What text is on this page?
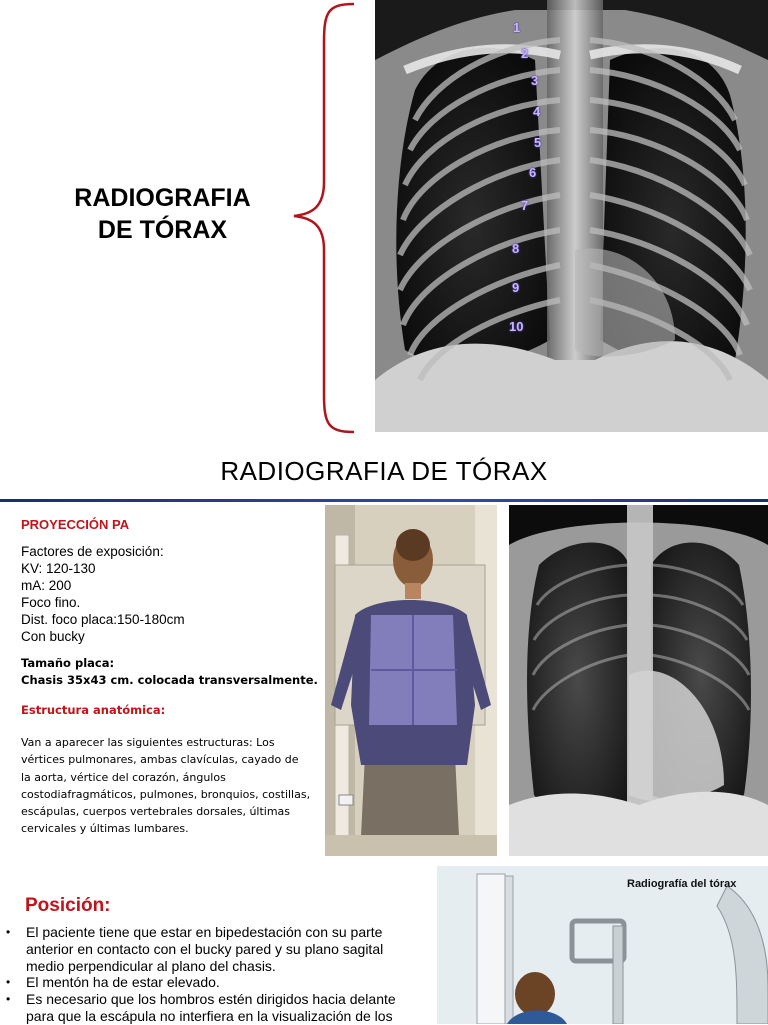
RADIOGRAFIA
DE TÓRAX
1
2
3
4
5
6
7
8
9
10
RADIOGRAFIA DE TÓRAX
PROYECCIÓN PA
Factores de exposición:
KV: 120-130
mA: 200
Foco fino.
Dist. foco placa:150-180cm
Con bucky
Tamaño placa:
Chasis 35x43 cm. colocada transversalmente.
Estructura anatómica:

Van a aparecer las siguientes estructuras: Los vértices pulmonares, ambas clavículas, cayado de la aorta, vértice del corazón, ángulos costodiafragmáticos, pulmones, bronquios, costillas, escápulas, cuerpos vertebrales dorsales, últimas cervicales y últimas lumbares.

Posición:
• El paciente tiene que estar en bipedestación con su parte anterior en contacto con el bucky pared y su plano sagital medio perpendicular al plano del chasis.
• El mentón ha de estar elevado.
• Es necesario que los hombros estén dirigidos hacia delante para que la escápula no interfiera en la visualización de los
Radiografía del tórax
